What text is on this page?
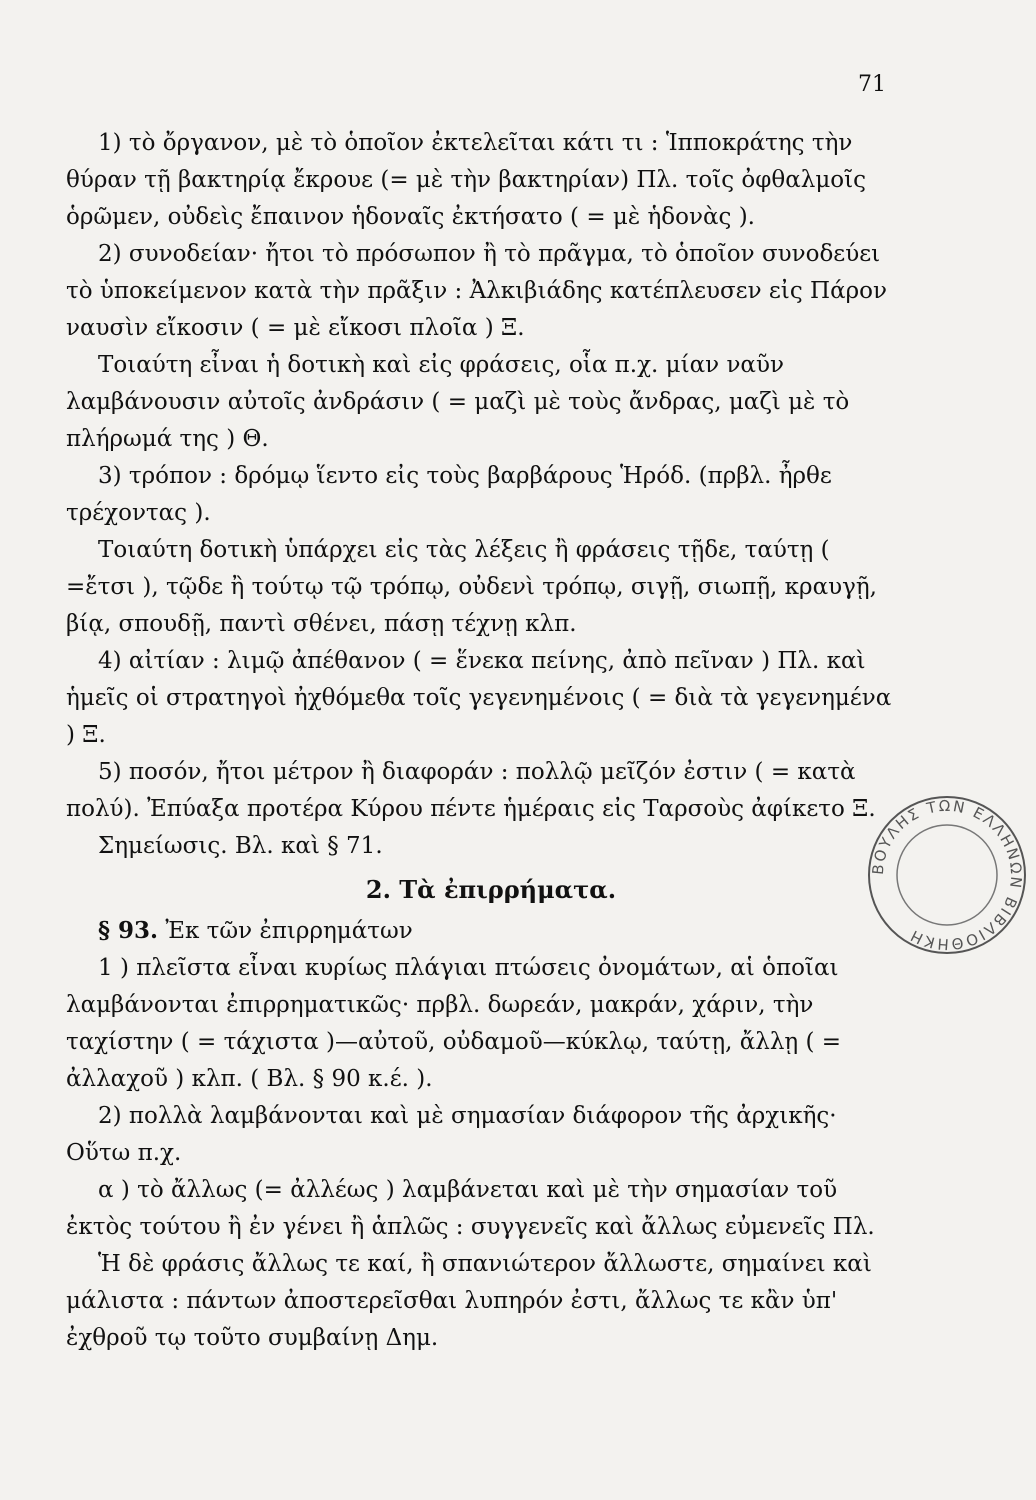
71

1) τὸ ὄργανον, μὲ τὸ ὁποῖον ἐκτελεῖται κάτι τι : Ἱπποκράτης τὴν θύραν τῇ βακτηρίᾳ ἔκρουε (= μὲ τὴν βακτηρίαν) Πλ. τοῖς ὀφθαλμοῖς ὁρῶμεν, οὐδεὶς ἔπαινον ἡδοναῖς ἐκτήσατο ( = μὲ ἡδονὰς ).

2) συνοδείαν· ἤτοι τὸ πρόσωπον ἢ τὸ πρᾶγμα, τὸ ὁποῖον συνοδεύει τὸ ὑποκείμενον κατὰ τὴν πρᾶξιν : Ἀλκιβιάδης κατέπλευσεν εἰς Πάρον ναυσὶν εἴκοσιν ( = μὲ εἴκοσι πλοῖα ) Ξ.

Τοιαύτη εἶναι ἡ δοτικὴ καὶ εἰς φράσεις, οἷα π.χ. μίαν ναῦν λαμβάνουσιν αὐτοῖς ἀνδράσιν ( = μαζὶ μὲ τοὺς ἄνδρας, μαζὶ μὲ τὸ πλήρωμά της ) Θ.

3) τρόπον : δρόμῳ ἵεντο εἰς τοὺς βαρβάρους Ἡρόδ. (πρβλ. ἦρθε τρέχοντας ).

Τοιαύτη δοτικὴ ὑπάρχει εἰς τὰς λέξεις ἢ φράσεις τῇδε, ταύτῃ ( =ἔτσι ), τῷδε ἢ τούτῳ τῷ τρόπῳ, οὐδενὶ τρόπῳ, σιγῇ, σιωπῇ, κραυγῇ, βίᾳ, σπουδῇ, παντὶ σθένει, πάσῃ τέχνῃ κλπ.

4) αἰτίαν : λιμῷ ἀπέθανον ( = ἕνεκα πείνης, ἀπὸ πεῖναν ) Πλ. καὶ ἡμεῖς οἱ στρατηγοὶ ἠχθόμεθα τοῖς γεγενημένοις ( = διὰ τὰ γεγενημένα ) Ξ.

5) ποσόν, ἤτοι μέτρον ἢ διαφοράν : πολλῷ μεῖζόν ἐστιν ( = κατὰ πολύ). Ἐπύαξα προτέρα Κύρου πέντε ἡμέραις εἰς Ταρσοὺς ἀφίκετο Ξ.

Σημείωσις. Βλ. καὶ § 71.

2. Τὰ ἐπιρρήματα.

§ 93. Ἐκ τῶν ἐπιρρημάτων

1 ) πλεῖστα εἶναι κυρίως πλάγιαι πτώσεις ὀνομάτων, αἱ ὁποῖαι λαμβάνονται ἐπιρρηματικῶς· πρβλ. δωρεάν, μακράν, χάριν, τὴν ταχίστην ( = τάχιστα )—αὐτοῦ, οὐδαμοῦ—κύκλῳ, ταύτῃ, ἄλλῃ ( = ἀλλαχοῦ ) κλπ. ( Βλ. § 90 κ.έ. ).

2) πολλὰ λαμβάνονται καὶ μὲ σημασίαν διάφορον τῆς ἀρχικῆς· Οὕτω π.χ.

α ) τὸ ἄλλως (= ἀλλέως ) λαμβάνεται καὶ μὲ τὴν σημασίαν τοῦ ἐκτὸς τούτου ἢ ἐν γένει ἢ ἁπλῶς : συγγενεῖς καὶ ἄλλως εὐμενεῖς Πλ.

Ἡ δὲ φράσις ἄλλως τε καί, ἢ σπανιώτερον ἄλλωστε, σημαίνει καὶ μάλιστα : πάντων ἀποστερεῖσθαι λυπηρόν ἐστι, ἄλλως τε κἂν ὑπ' ἐχθροῦ τῳ τοῦτο συμβαίνῃ Δημ.

ΒΟΥΛΗΣ ΤΩΝ ΕΛΛΗΝΩΝ ΒΙΒΛΙΟΘΗΚΗ
